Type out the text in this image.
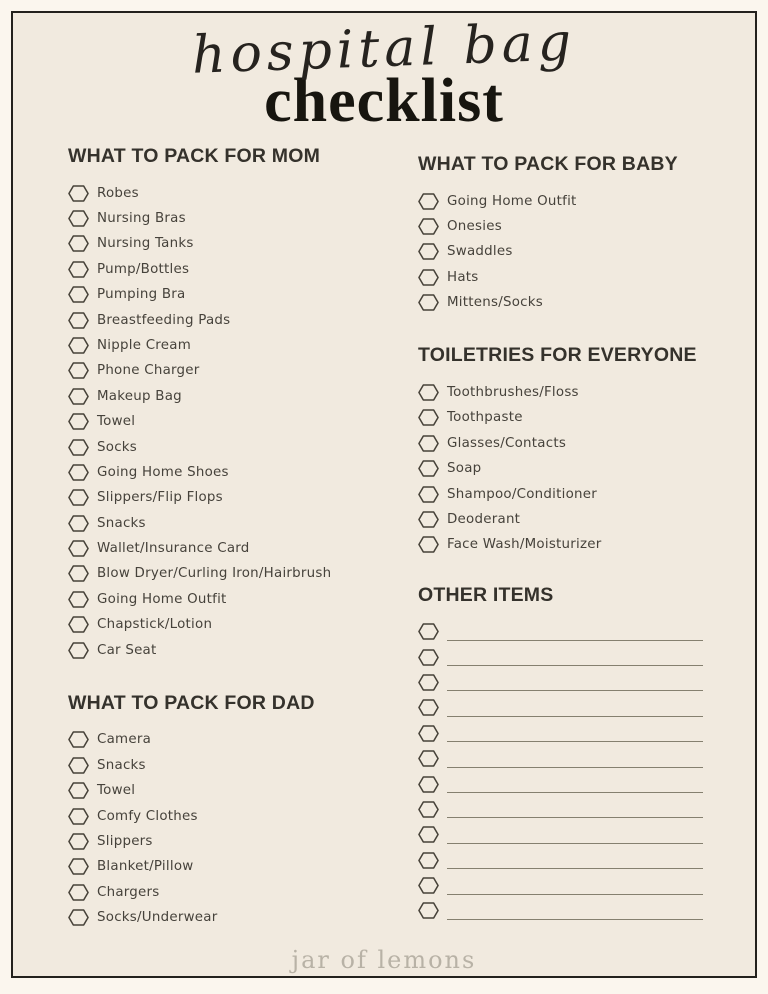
hospital bag
checklist
WHAT TO PACK FOR MOM
Robes
Nursing Bras
Nursing Tanks
Pump/Bottles
Pumping Bra
Breastfeeding Pads
Nipple Cream
Phone Charger
Makeup Bag
Towel
Socks
Going Home Shoes
Slippers/Flip Flops
Snacks
Wallet/Insurance Card
Blow Dryer/Curling Iron/Hairbrush
Going Home Outfit
Chapstick/Lotion
Car Seat
WHAT TO PACK FOR DAD
Camera
Snacks
Towel
Comfy Clothes
Slippers
Blanket/Pillow
Chargers
Socks/Underwear
WHAT TO PACK FOR BABY
Going Home Outfit
Onesies
Swaddles
Hats
Mittens/Socks
TOILETRIES FOR EVERYONE
Toothbrushes/Floss
Toothpaste
Glasses/Contacts
Soap
Shampoo/Conditioner
Deoderant
Face Wash/Moisturizer
OTHER ITEMS
jar of lemons
